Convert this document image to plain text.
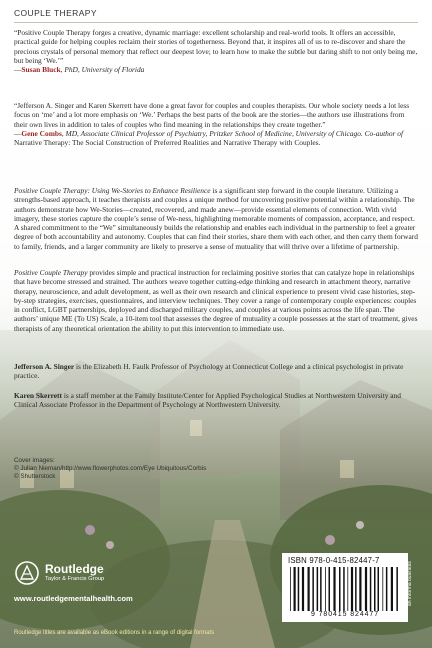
COUPLE THERAPY

“Positive Couple Therapy forges a creative, dynamic marriage: excellent scholarship and real-world tools. It offers an accessible, practical guide for helping couples reclaim their stories of togetherness. Beyond that, it inspires all of us to re-discover and share the precious crystals of personal memory that reflect our deepest love; to learn how to make the subtle but daring shift to not only being me, but being ‘We.’”

—Susan Bluck, PhD, University of Florida

“Jefferson A. Singer and Karen Skerrett have done a great favor for couples and couples therapists. Our whole society needs a lot less focus on ‘me’ and a lot more emphasis on ‘We.’ Perhaps the best parts of the book are the stories—the authors use illustrations from their own lives in addition to tales of couples who find meaning in the relationships they create together.”

—Gene Combs, MD, Associate Clinical Professor of Psychiatry, Pritzker School of Medicine, University of Chicago. Co-author of Narrative Therapy: The Social Construction of Preferred Realities and Narrative Therapy with Couples.

Positive Couple Therapy: Using We-Stories to Enhance Resilience is a significant step forward in the couple literature. Utilizing a strengths-based approach, it teaches therapists and couples a unique method for uncovering positive potential within a relationship. The authors demonstrate how We-Stories—created, recovered, and made anew—provide essential elements of connection. With vivid imagery, these stories capture the couple’s sense of We-ness, highlighting memorable moments of compassion, acceptance, and respect. A shared commitment to the “We” simultaneously builds the relationship and enables each individual in the partnership to feel a greater degree of both accountability and autonomy. Couples that can find their stories, share them with each other, and then carry them forward to family, friends, and a larger community are likely to preserve a sense of mutuality that will thrive over a lifetime of partnership.

Positive Couple Therapy provides simple and practical instruction for reclaiming positive stories that can catalyze hope in relationships that have become stressed and strained. The authors weave together cutting-edge thinking and research in attachment theory, narrative therapy, neuroscience, and adult development, as well as their own research and clinical experience to present vivid case histories, step-by-step strategies, exercises, questionnaires, and interview techniques. They cover a range of contemporary couple experiences: couples in conflict, LGBT partnerships, deployed and discharged military couples, and couples at various points across the life span. The authors’ unique ME (To US) Scale, a 10-item tool that assesses the degree of mutuality a couple possesses at the start of treatment, gives therapists of any theoretical orientation the ability to put this intervention to immediate use.

Jefferson A. Singer is the Elizabeth H. Faulk Professor of Psychology at Connecticut College and a clinical psychologist in private practice.

Karen Skerrett is a staff member at the Family Institute/Center for Applied Psychological Studies at Northwestern University and Clinical Associate Professor in the Department of Psychology at Northwestern University.

Cover images:
© Julian Nieman/http://www.flowerphotos.com/Eye Ubiquitous/Corbis
© Shutterstock
Routledge
Taylor & Francis Group
www.routledgementalhealth.com
ISBN 978-0-415-82447-7
9 780415 824477
an informa business
Routledge titles are available as eBook editions in a range of digital formats
